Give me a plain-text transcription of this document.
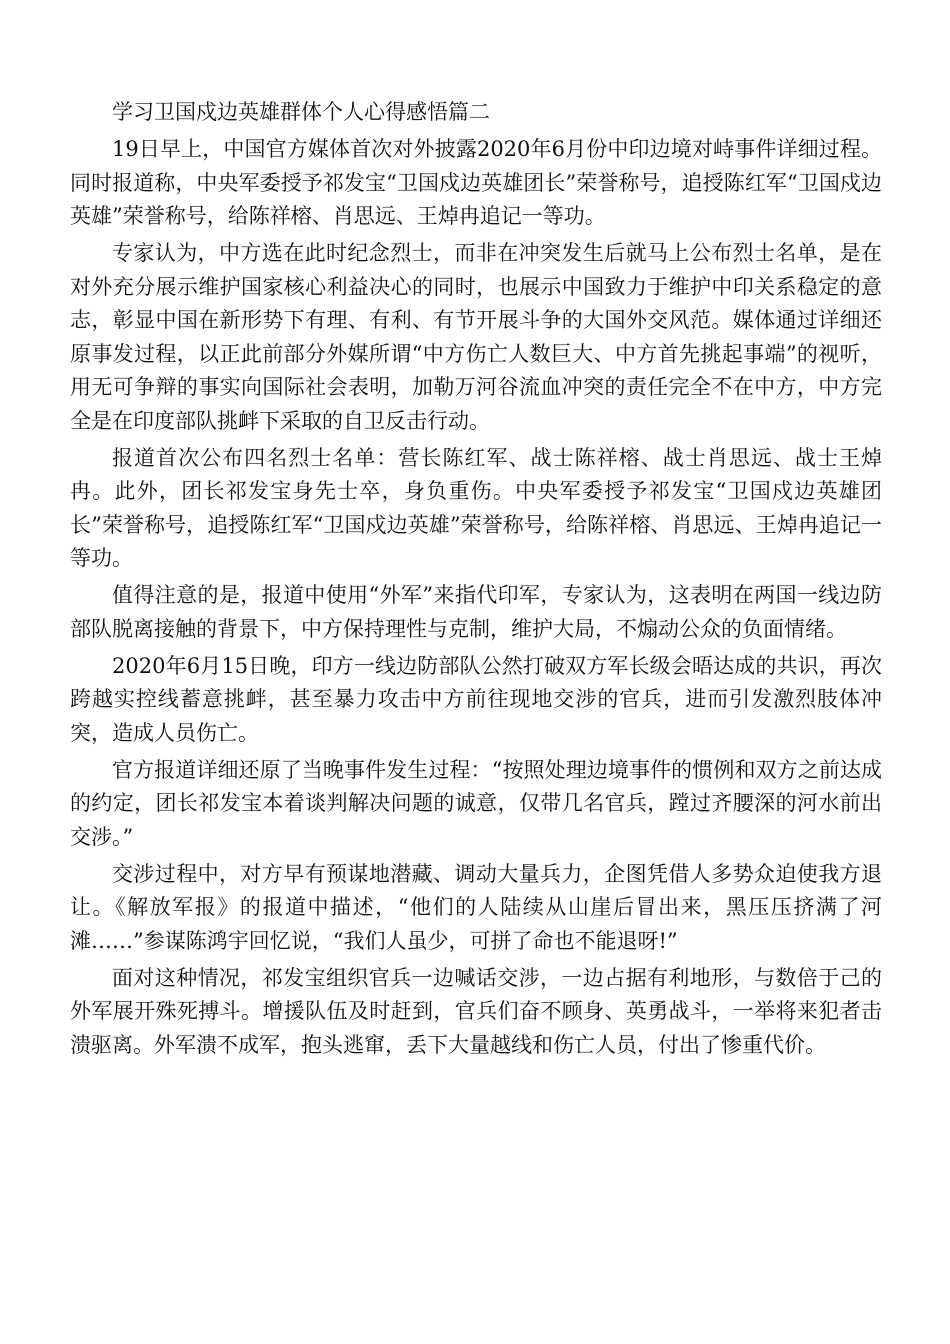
学习卫国戍边英雄群体个人心得感悟篇二

19日早上，中国官方媒体首次对外披露2020年6月份中印边境对峙事件详细过程。同时报道称，中央军委授予祁发宝“卫国戍边英雄团长”荣誉称号，追授陈红军“卫国戍边英雄”荣誉称号，给陈祥榕、肖思远、王焯冉追记一等功。

专家认为，中方选在此时纪念烈士，而非在冲突发生后就马上公布烈士名单，是在对外充分展示维护国家核心利益决心的同时，也展示中国致力于维护中印关系稳定的意志，彰显中国在新形势下有理、有利、有节开展斗争的大国外交风范。媒体通过详细还原事发过程，以正此前部分外媒所谓“中方伤亡人数巨大、中方首先挑起事端”的视听，用无可争辩的事实向国际社会表明，加勒万河谷流血冲突的责任完全不在中方，中方完全是在印度部队挑衅下采取的自卫反击行动。

报道首次公布四名烈士名单：营长陈红军、战士陈祥榕、战士肖思远、战士王焯冉。此外，团长祁发宝身先士卒，身负重伤。中央军委授予祁发宝“卫国戍边英雄团长”荣誉称号，追授陈红军“卫国戍边英雄”荣誉称号，给陈祥榕、肖思远、王焯冉追记一等功。

值得注意的是，报道中使用“外军”来指代印军，专家认为，这表明在两国一线边防部队脱离接触的背景下，中方保持理性与克制，维护大局，不煽动公众的负面情绪。

2020年6月15日晚，印方一线边防部队公然打破双方军长级会晤达成的共识，再次跨越实控线蓄意挑衅，甚至暴力攻击中方前往现地交涉的官兵，进而引发激烈肢体冲突，造成人员伤亡。

官方报道详细还原了当晚事件发生过程：“按照处理边境事件的惯例和双方之前达成的约定，团长祁发宝本着谈判解决问题的诚意，仅带几名官兵，蹚过齐腰深的河水前出交涉。”

交涉过程中，对方早有预谋地潜藏、调动大量兵力，企图凭借人多势众迫使我方退让。《解放军报》的报道中描述，“他们的人陆续从山崖后冒出来，黑压压挤满了河滩……”参谋陈鸿宇回忆说，“我们人虽少，可拼了命也不能退呀!”

面对这种情况，祁发宝组织官兵一边喊话交涉，一边占据有利地形，与数倍于己的外军展开殊死搏斗。增援队伍及时赶到，官兵们奋不顾身、英勇战斗，一举将来犯者击溃驱离。外军溃不成军，抱头逃窜，丢下大量越线和伤亡人员，付出了惨重代价。
